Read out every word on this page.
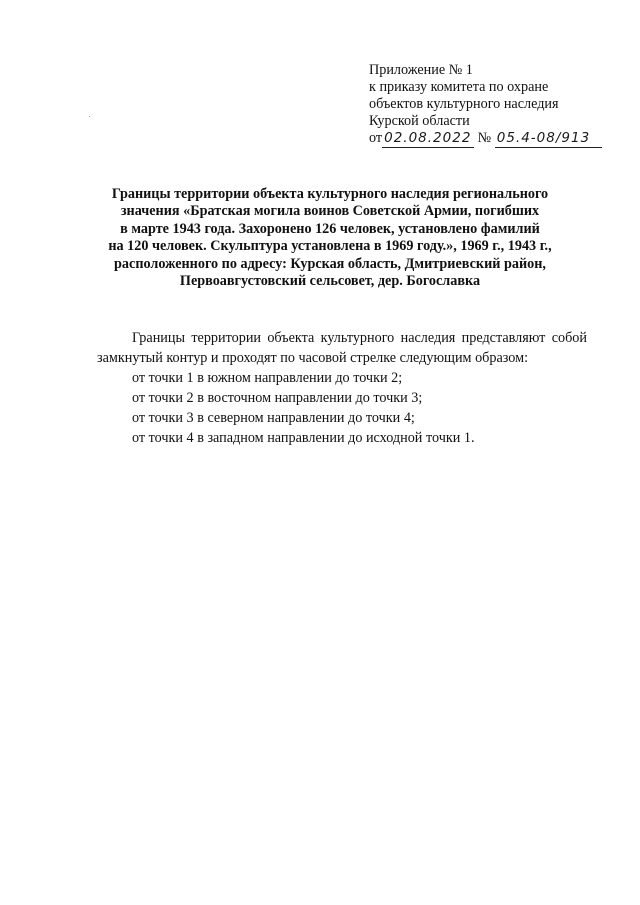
Приложение № 1
к приказу комитета по охране
объектов культурного наследия
Курской области
от 02.08.2022 № 05.4-08/913
Границы территории объекта культурного наследия регионального
значения «Братская могила воинов Советской Армии, погибших
в марте 1943 года. Захоронено 126 человек, установлено фамилий
на 120 человек. Скульптура установлена в 1969 году.», 1969 г., 1943 г.,
расположенного по адресу: Курская область, Дмитриевский район,
Первоавгустовский сельсовет, дер. Богославка
Границы территории объекта культурного наследия представляют собой замкнутый контур и проходят по часовой стрелке следующим образом:
от точки 1 в южном направлении до точки 2;
от точки 2 в восточном направлении до точки 3;
от точки 3 в северном направлении до точки 4;
от точки 4 в западном направлении до исходной точки 1.
